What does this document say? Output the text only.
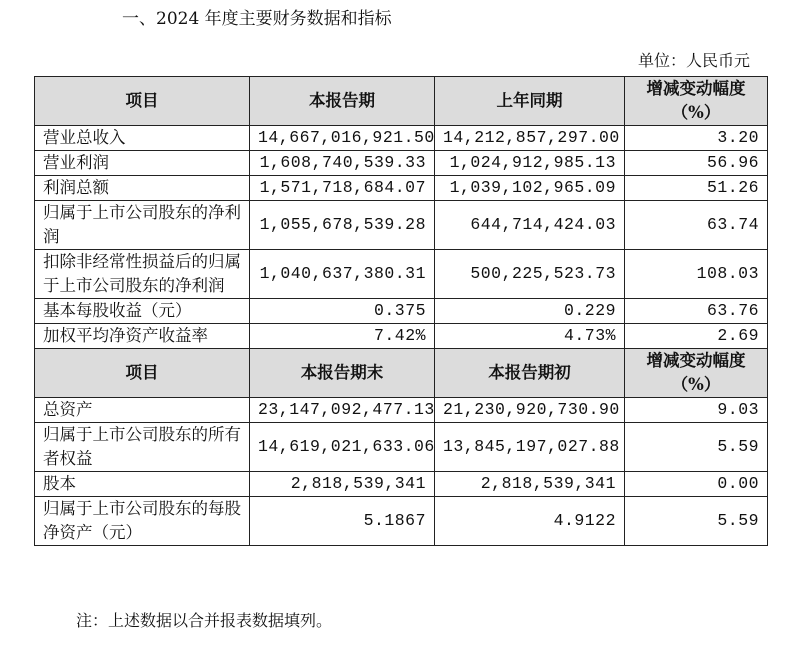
一、2024 年度主要财务数据和指标
单位：人民币元
项目	本报告期	上年同期	增减变动幅度
（%）

营业总收入	14,667,016,921.50	14,212,857,297.00	3.20
营业利润	1,608,740,539.33	1,024,912,985.13	56.96
利润总额	1,571,718,684.07	1,039,102,965.09	51.26
归属于上市公司股东的净利润	1,055,678,539.28	644,714,424.03	63.74
扣除非经常性损益后的归属于上市公司股东的净利润	1,040,637,380.31	500,225,523.73	108.03
基本每股收益（元）	0.375	0.229	63.76
加权平均净资产收益率	7.42%	4.73%	2.69
项目	本报告期末	本报告期初	增减变动幅度
（%）

总资产	23,147,092,477.13	21,230,920,730.90	9.03
归属于上市公司股东的所有者权益	14,619,021,633.06	13,845,197,027.88	5.59
股本	2,818,539,341	2,818,539,341	0.00
归属于上市公司股东的每股净资产（元）	5.1867	4.9122	5.59
注：上述数据以合并报表数据填列。
